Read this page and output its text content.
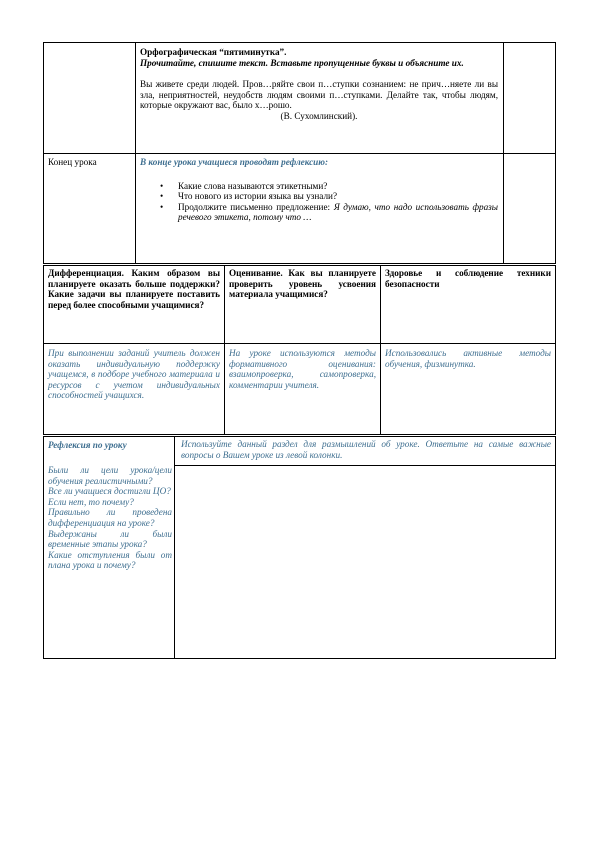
Орфографическая “пятиминутка”.
Прочитайте, спишите текст. Вставьте пропущенные буквы и объясните их.
Вы живете среди людей. Пров…ряйте свои п…ступки сознанием: не прич…няете ли вы зла, неприятностей, неудобств людям своими п…ступками. Делайте так, чтобы людям, которые окружают вас, было х…рошо.
(В. Сухомлинский).
Конец урока	В конце урока учащиеся проводят рефлексию:
• Какие слова называются этикетными?
• Что нового из истории языка вы узнали?
• Продолжите письменно предложение: Я думаю, что надо использовать фразы речевого этикета, потому что …
Дифференциация. Каким образом вы планируете оказать больше поддержки? Какие задачи вы планируете поставить перед более способными учащимися?
Оценивание. Как вы планируете проверить уровень усвоения материала учащимися?
Здоровье и соблюдение техники безопасности
При выполнении заданий учитель должен оказать индивидуальную поддержку учащемся, в подборе учебного материала и ресурсов с учетом индивидуальных способностей учащихся.
На уроке используются методы формативного оценивания: взаимопроверка, самопроверка, комментарии учителя.
Использовались активные методы обучения, физминутка.
Рефлексия по уроку
Были ли цели урока/цели обучения реалистичными?
Все ли учащиеся достигли ЦО?
Если нет, то почему?
Правильно ли проведена дифференциация на уроке?
Выдержаны ли были временные этапы урока?
Какие отступления были от плана урока и почему?
Используйте данный раздел для размышлений об уроке. Ответьте на самые важные вопросы о Вашем уроке из левой колонки.
